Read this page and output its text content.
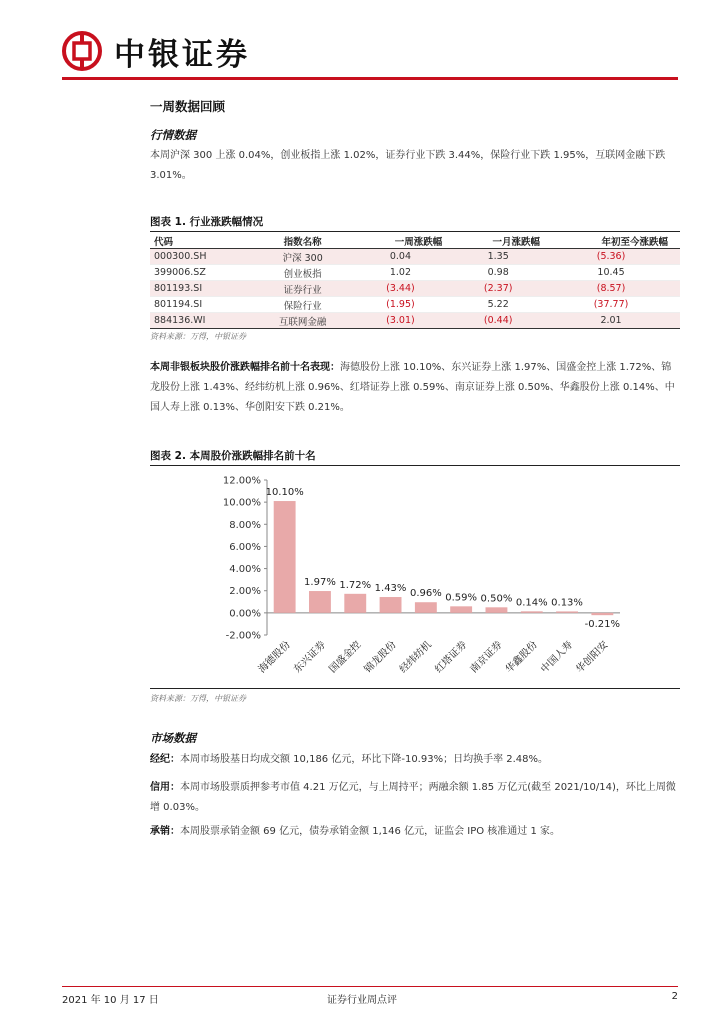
中银证券
一周数据回顾
行情数据
本周沪深 300 上涨 0.04%，创业板指上涨 1.02%，证券行业下跌 3.44%，保险行业下跌 1.95%，互联网金融下跌 3.01%。
图表 1. 行业涨跌幅情况
代码	指数名称	一周涨跌幅	一月涨跌幅	年初至今涨跌幅
000300.SH	沪深 300	0.04	1.35	(5.36)
399006.SZ	创业板指	1.02	0.98	10.45
801193.SI	证券行业	(3.44)	(2.37)	(8.57)
801194.SI	保险行业	(1.95)	5.22	(37.77)
884136.WI	互联网金融	(3.01)	(0.44)	2.01
资料来源：万得，中银证券
本周非银板块股价涨跌幅排名前十名表现：海德股份上涨 10.10%、东兴证券上涨 1.97%、国盛金控上涨 1.72%、锦龙股份上涨 1.43%、经纬纺机上涨 0.96%、红塔证券上涨 0.59%、南京证券上涨 0.50%、华鑫股份上涨 0.14%、中国人寿上涨 0.13%、华创阳安下跌 0.21%。
图表 2. 本周股价涨跌幅排名前十名
12.00%
10.00%
8.00%
6.00%
4.00%
2.00%
0.00%
-2.00%
10.10%
海德股份
1.97%
东兴证券
1.72%
国盛金控
1.43%
锦龙股份
0.96%
经纬纺机
0.59%
红塔证券
0.50%
南京证券
0.14%
华鑫股份
0.13%
中国人寿
-0.21%
华创阳安
资料来源：万得，中银证券
市场数据
经纪：本周市场股基日均成交额 10,186 亿元，环比下降-10.93%；日均换手率 2.48%。
信用：本周市场股票质押参考市值 4.21 万亿元，与上周持平；两融余额 1.85 万亿元(截至 2021/10/14)，环比上周微增 0.03%。
承销：本周股票承销金额 69 亿元，债券承销金额 1,146 亿元，证监会 IPO 核准通过 1 家。
2021 年 10 月 17 日	证券行业周点评	2
